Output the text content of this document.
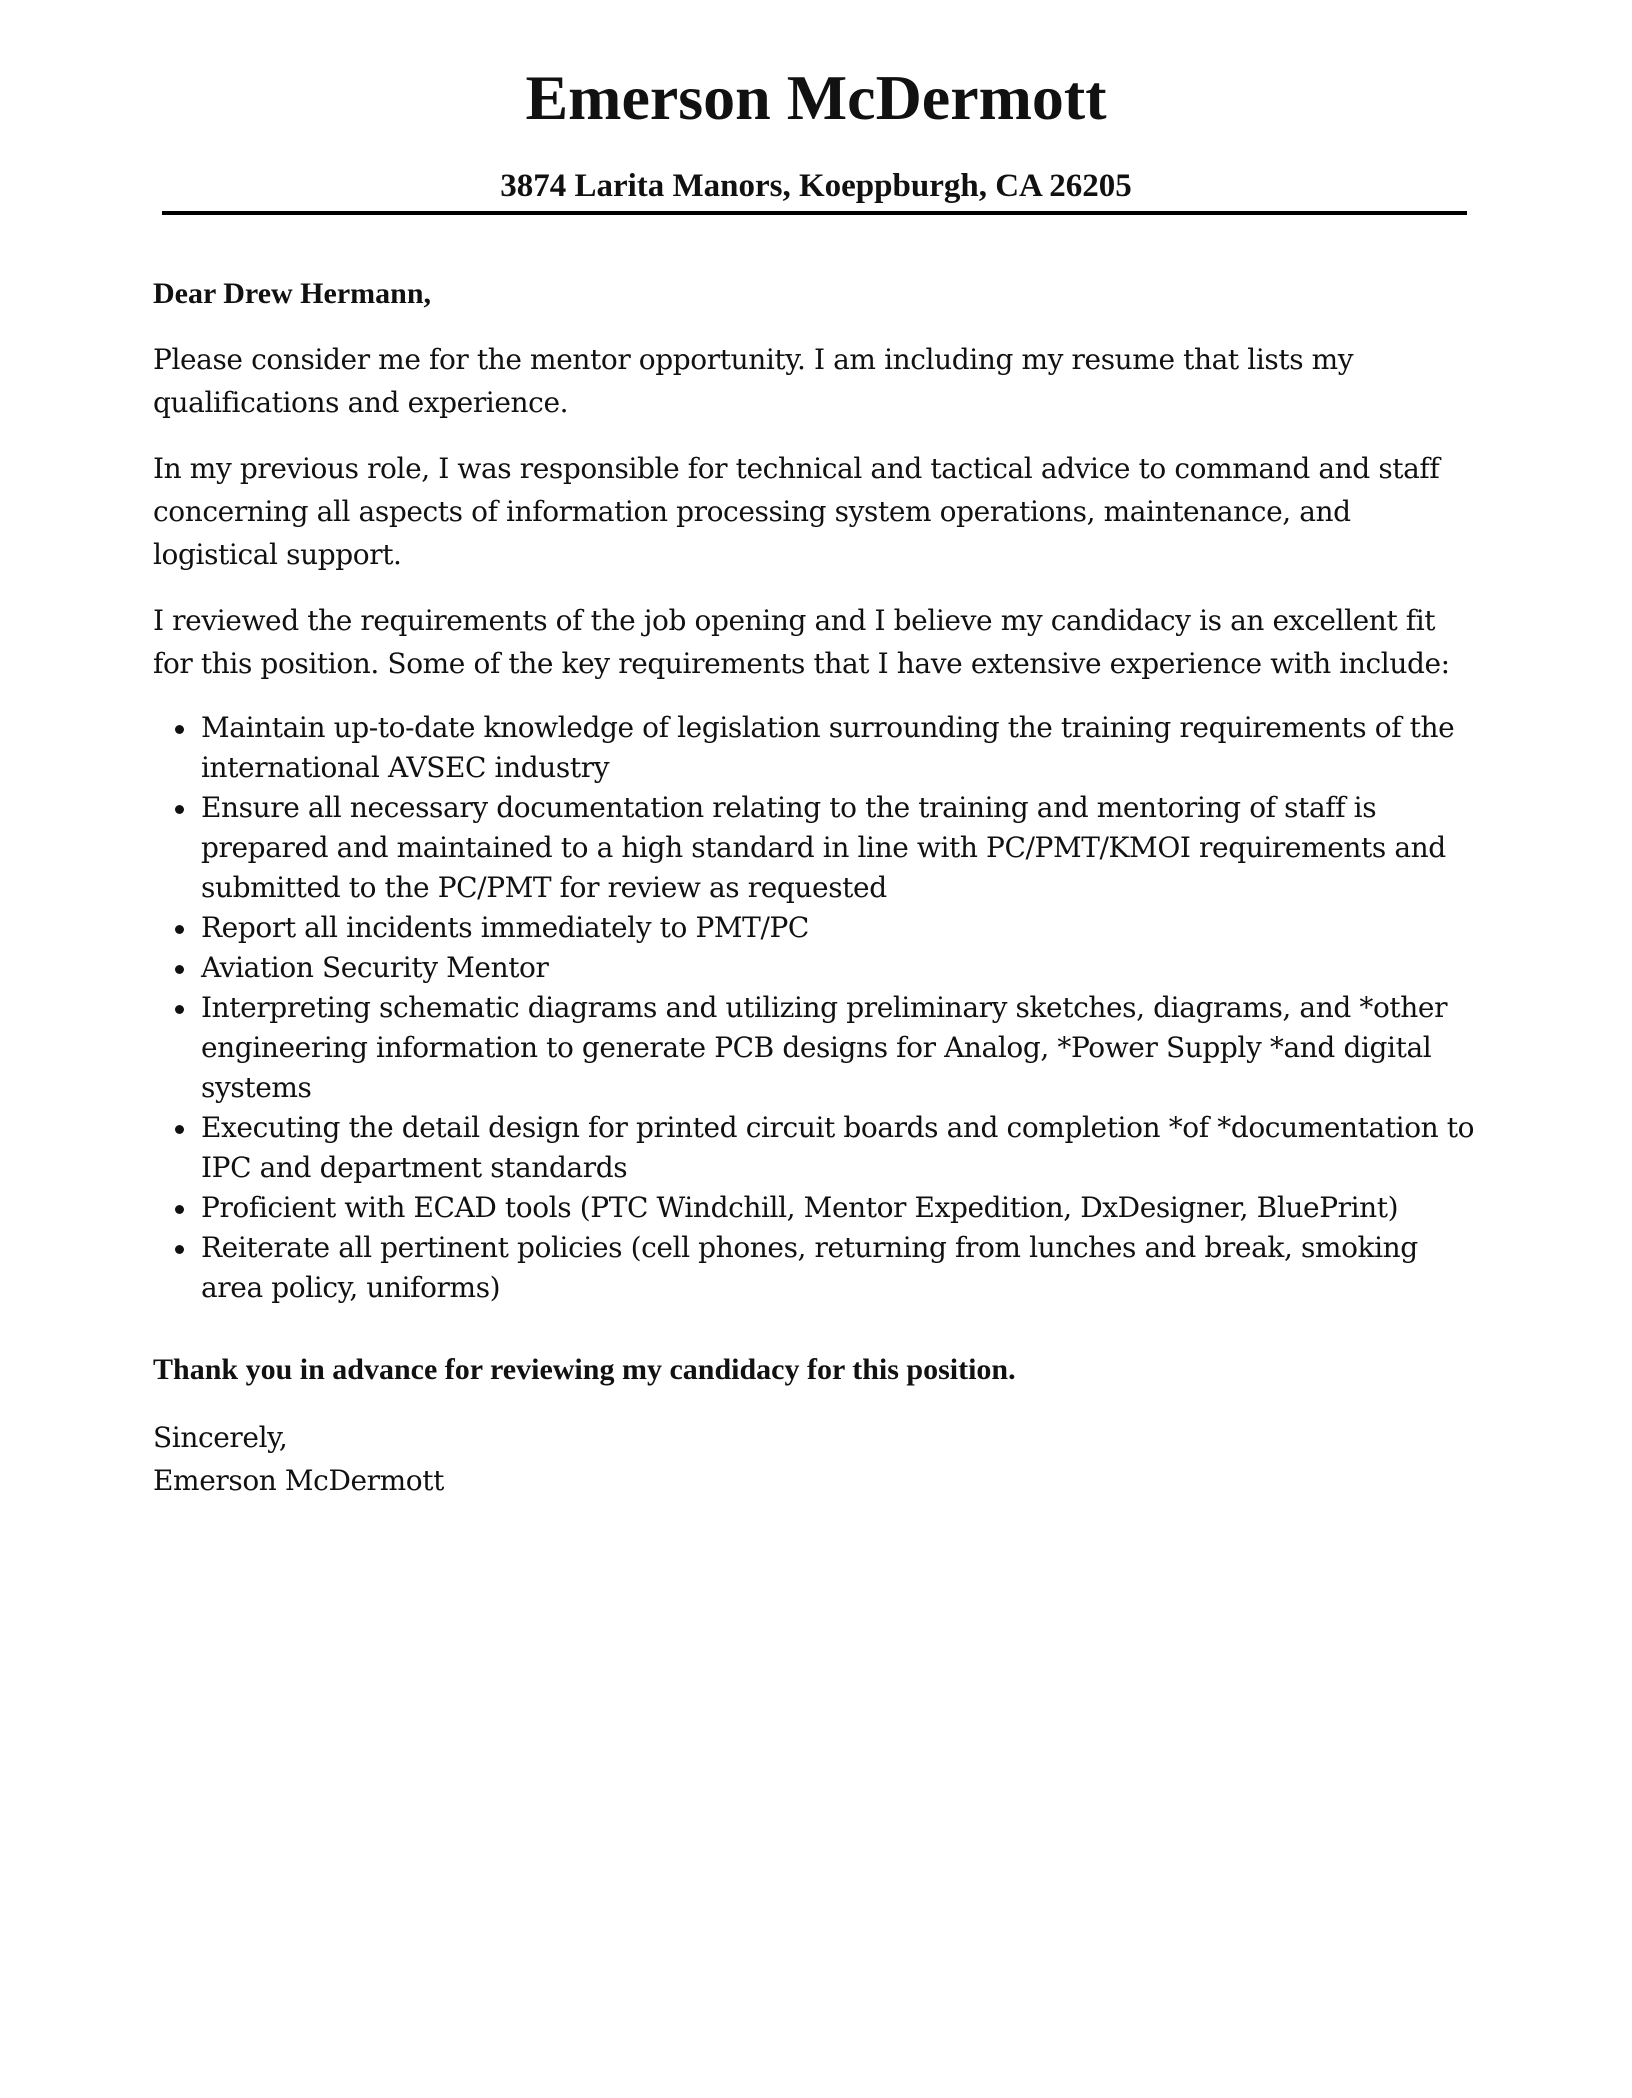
Emerson McDermott
3874 Larita Manors, Koeppburgh, CA 26205

Dear Drew Hermann,

Please consider me for the mentor opportunity. I am including my resume that lists my qualifications and experience.

In my previous role, I was responsible for technical and tactical advice to command and staff concerning all aspects of information processing system operations, maintenance, and logistical support.

I reviewed the requirements of the job opening and I believe my candidacy is an excellent fit for this position. Some of the key requirements that I have extensive experience with include:

Maintain up-to-date knowledge of legislation surrounding the training requirements of the international AVSEC industry
Ensure all necessary documentation relating to the training and mentoring of staff is prepared and maintained to a high standard in line with PC/PMT/KMOI requirements and submitted to the PC/PMT for review as requested
Report all incidents immediately to PMT/PC
Aviation Security Mentor
Interpreting schematic diagrams and utilizing preliminary sketches, diagrams, and *other engineering information to generate PCB designs for Analog, *Power Supply *and digital systems
Executing the detail design for printed circuit boards and completion *of *documentation to IPC and department standards
Proficient with ECAD tools (PTC Windchill, Mentor Expedition, DxDesigner, BluePrint)
Reiterate all pertinent policies (cell phones, returning from lunches and break, smoking area policy, uniforms)

Thank you in advance for reviewing my candidacy for this position.

Sincerely,

Emerson McDermott
